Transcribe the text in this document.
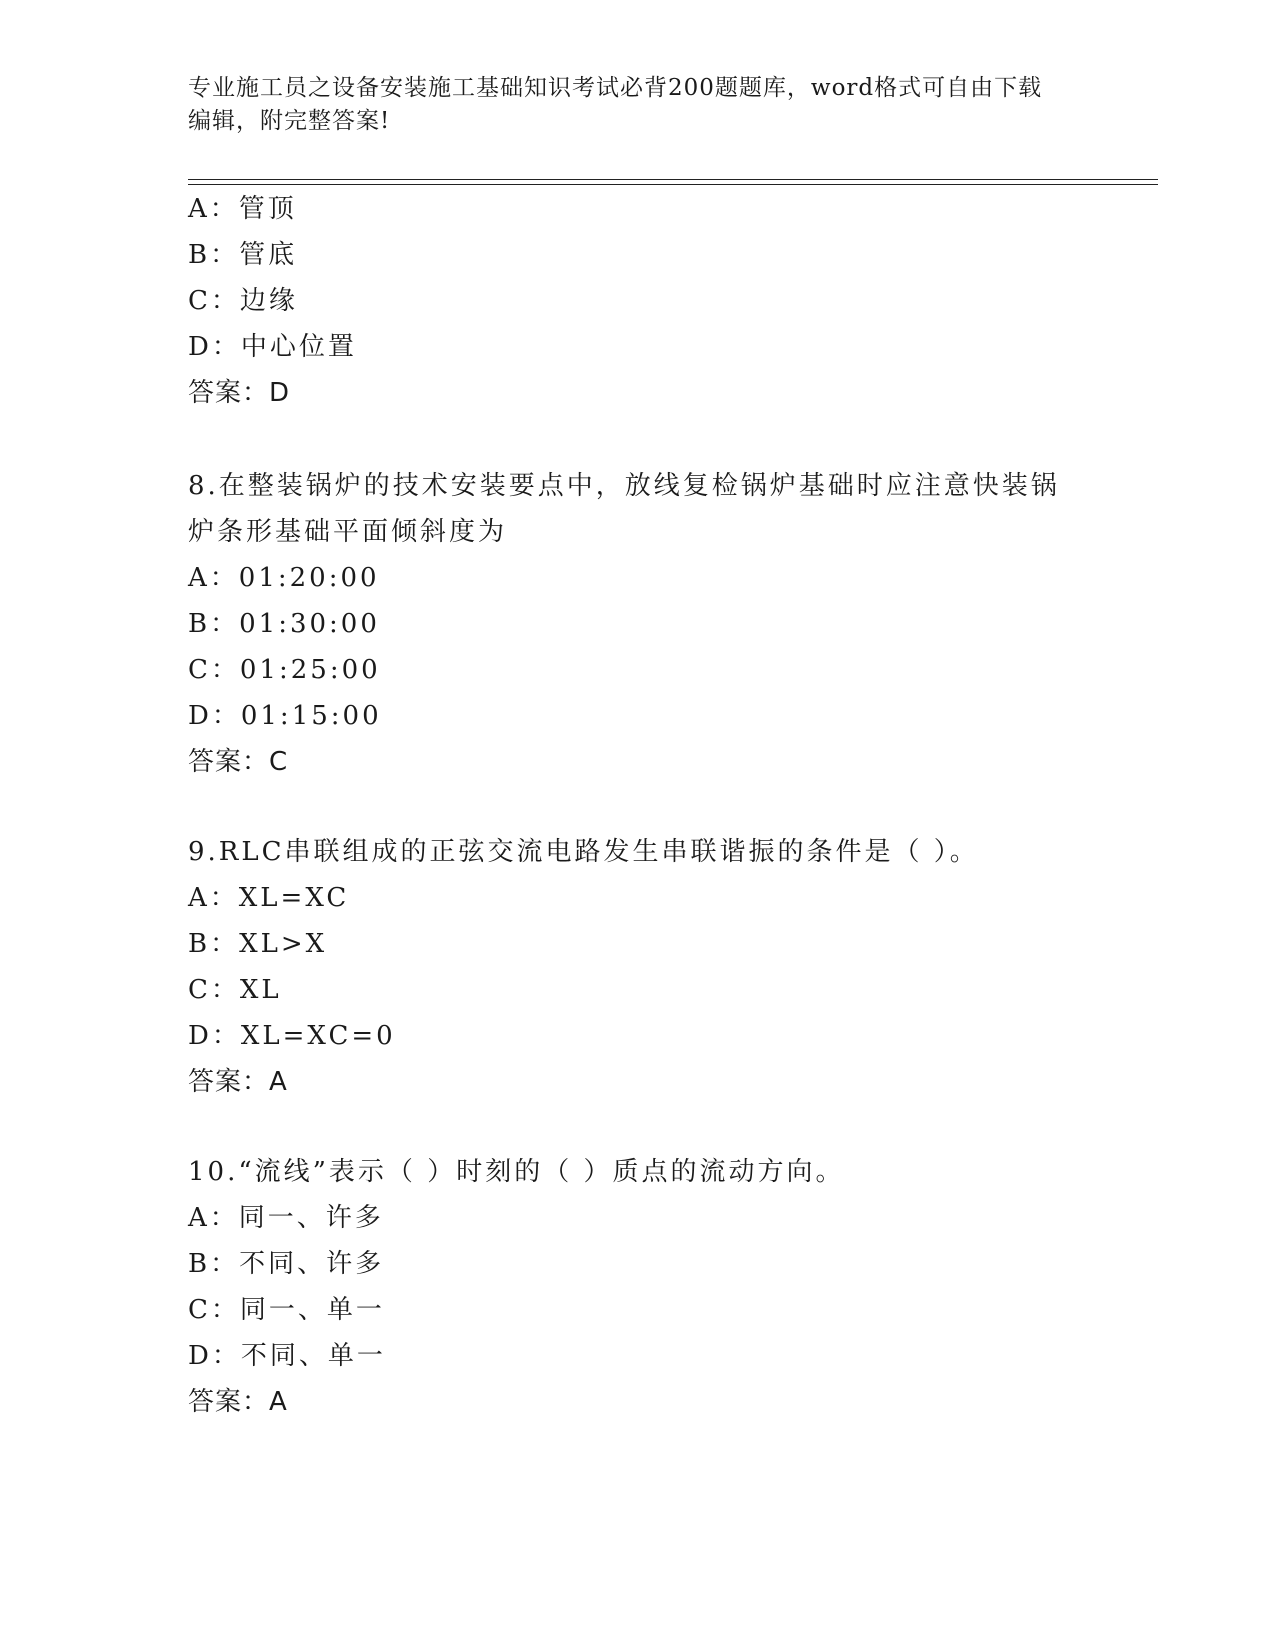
专业施工员之设备安装施工基础知识考试必背200题题库，word格式可自由下载
编辑，附完整答案!
A：管顶
B：管底
C：边缘
D：中心位置
答案：D
8.在整装锅炉的技术安装要点中，放线复检锅炉基础时应注意快装锅
炉条形基础平面倾斜度为
A：01:20:00
B：01:30:00
C：01:25:00
D：01:15:00
答案：C
9.RLC串联组成的正弦交流电路发生串联谐振的条件是（ ）。
A：XL=XC
B：XL>X
C：XL
D：XL=XC=0
答案：A
10.“流线”表示（ ）时刻的（ ）质点的流动方向。
A：同一、许多
B：不同、许多
C：同一、单一
D：不同、单一
答案：A
